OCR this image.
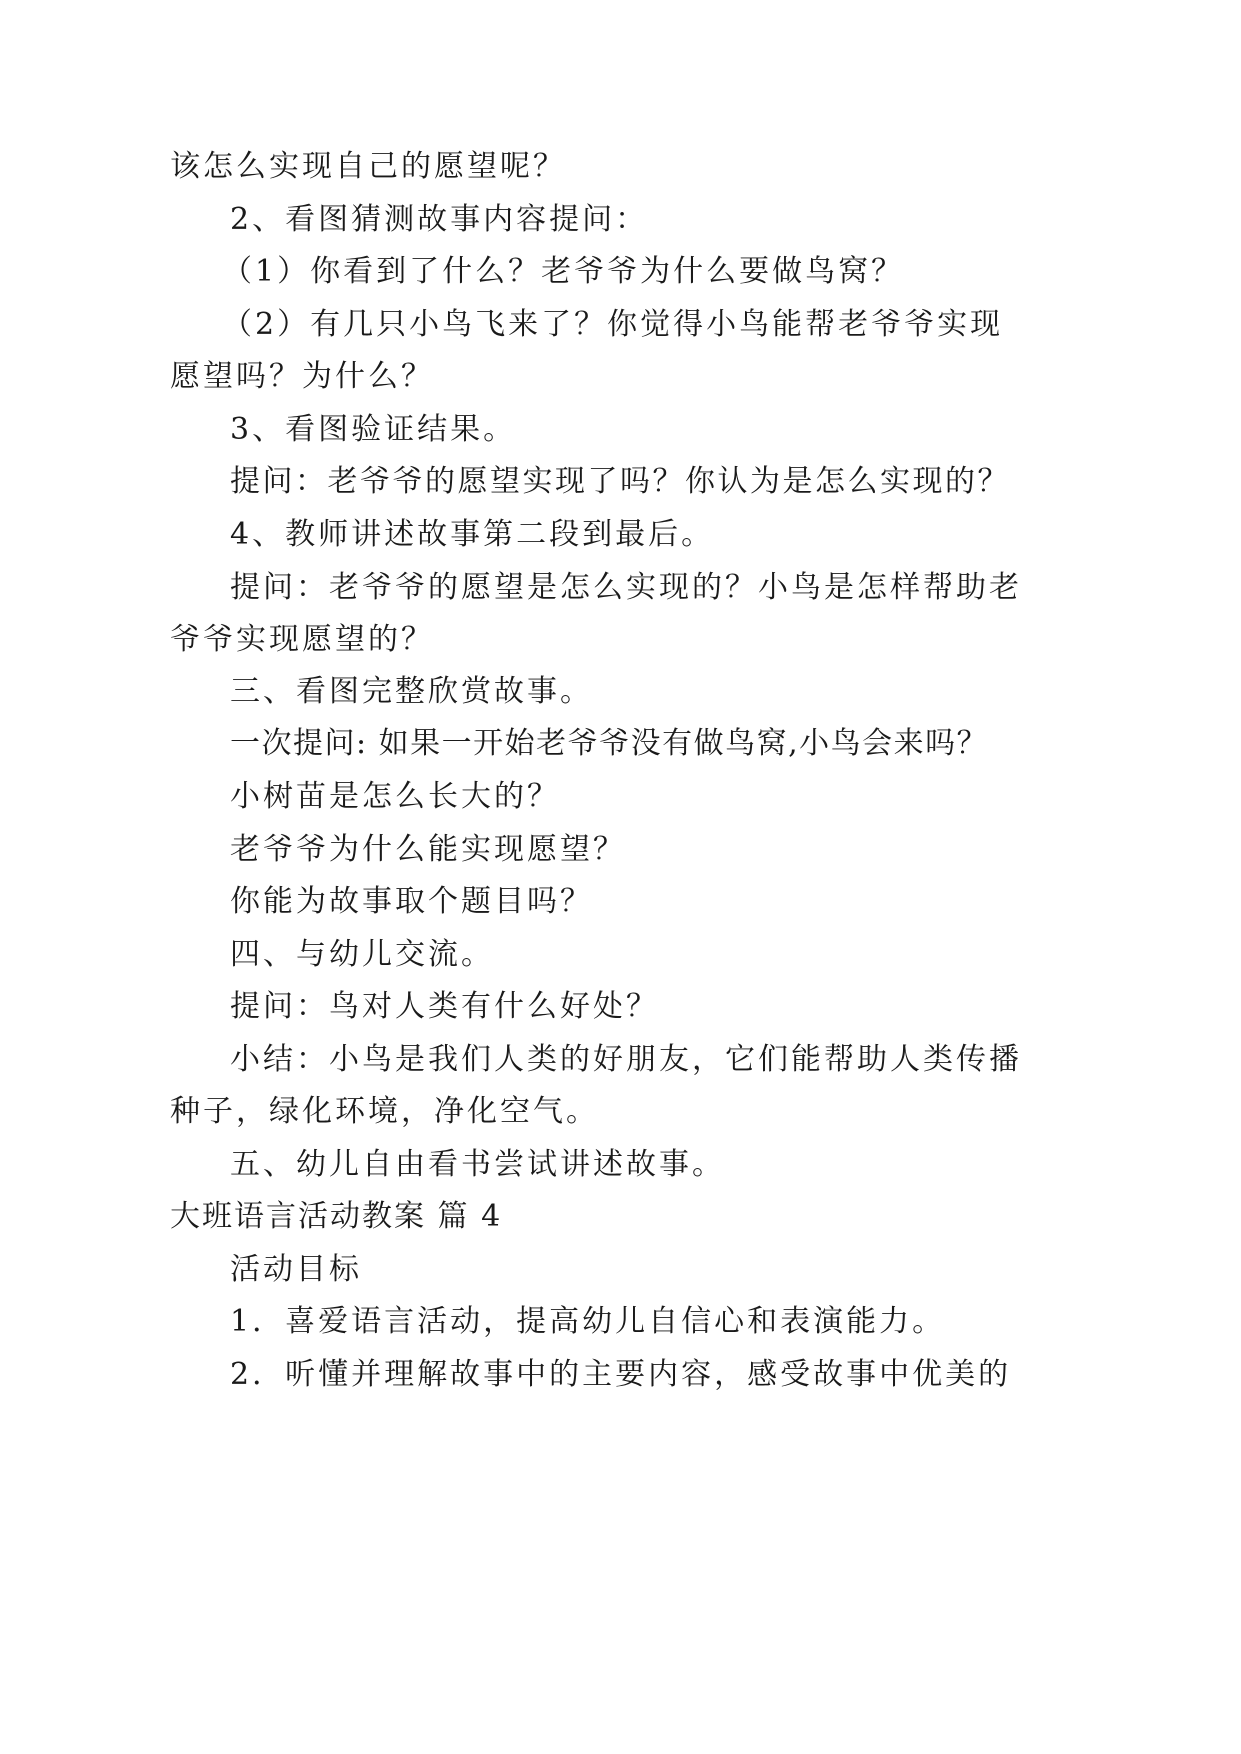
该怎么实现自己的愿望呢？

2、看图猜测故事内容提问：

（1）你看到了什么？老爷爷为什么要做鸟窝？

（2）有几只小鸟飞来了？你觉得小鸟能帮老爷爷实现

愿望吗？为什么？

3、看图验证结果。

提问：老爷爷的愿望实现了吗？你认为是怎么实现的？

4、教师讲述故事第二段到最后。

提问：老爷爷的愿望是怎么实现的？小鸟是怎样帮助老

爷爷实现愿望的？

三、看图完整欣赏故事。

一次提问: 如果一开始老爷爷没有做鸟窝,小鸟会来吗？

小树苗是怎么长大的？

老爷爷为什么能实现愿望？

你能为故事取个题目吗？

四、与幼儿交流。

提问：鸟对人类有什么好处？

小结：小鸟是我们人类的好朋友，它们能帮助人类传播

种子，绿化环境，净化空气。

五、幼儿自由看书尝试讲述故事。

大班语言活动教案 篇 4

活动目标

1．喜爱语言活动，提高幼儿自信心和表演能力。

2．听懂并理解故事中的主要内容，感受故事中优美的
